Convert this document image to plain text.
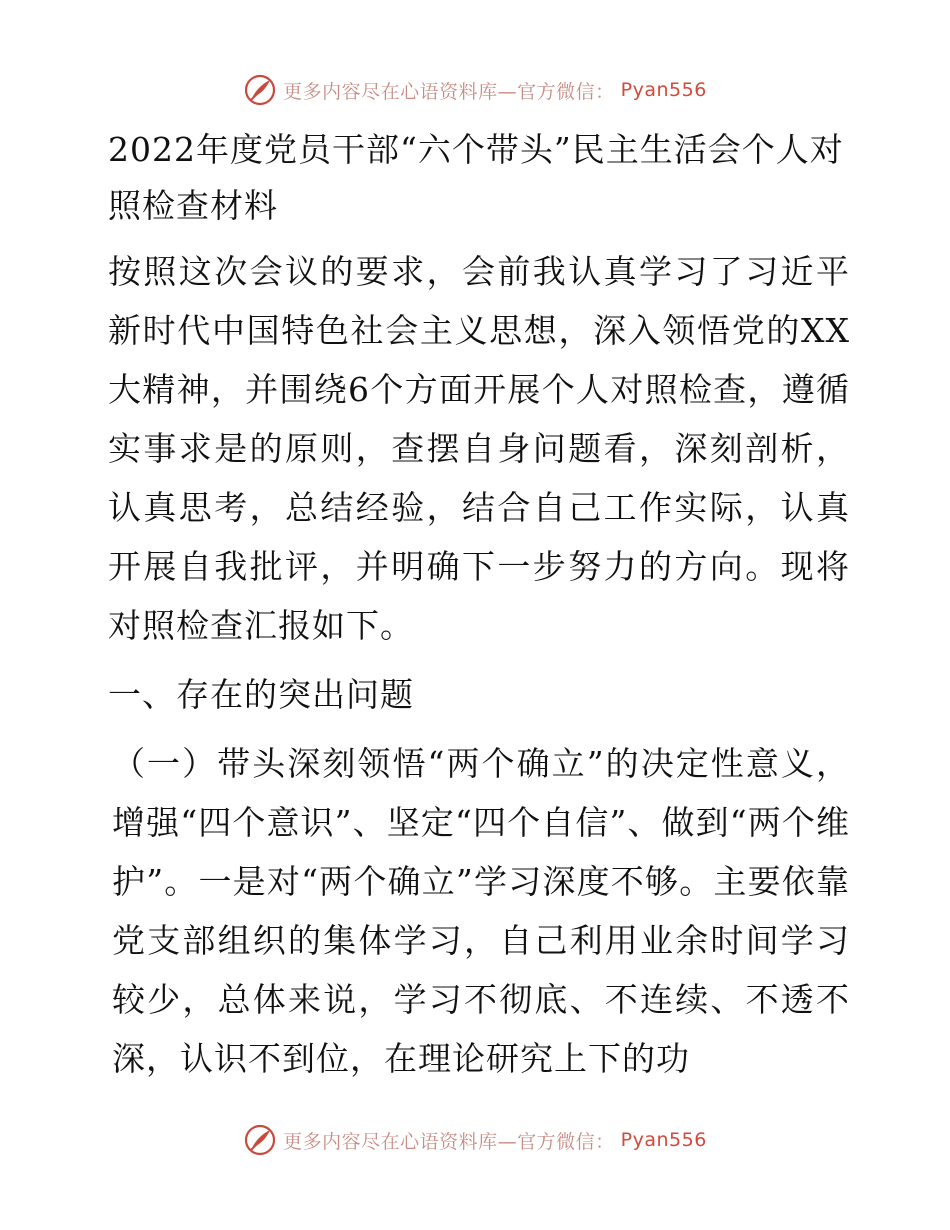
更多内容尽在心语资料库—官方微信： Pyan556

2022年度党员干部“六个带头”民主生活会个人对照检查材料

按照这次会议的要求，会前我认真学习了习近平新时代中国特色社会主义思想，深入领悟党的XX大精神，并围绕6个方面开展个人对照检查，遵循实事求是的原则，查摆自身问题看，深刻剖析，认真思考，总结经验，结合自己工作实际，认真开展自我批评，并明确下一步努力的方向。现将对照检查汇报如下。

一、存在的突出问题

（一）带头深刻领悟“两个确立”的决定性意义，增强“四个意识”、坚定“四个自信”、做到“两个维护”。一是对“两个确立”学习深度不够。主要依靠党支部组织的集体学习，自己利用业余时间学习较少，总体来说，学习不彻底、不连续、不透不深，认识不到位，在理论研究上下的功

更多内容尽在心语资料库—官方微信： Pyan556
